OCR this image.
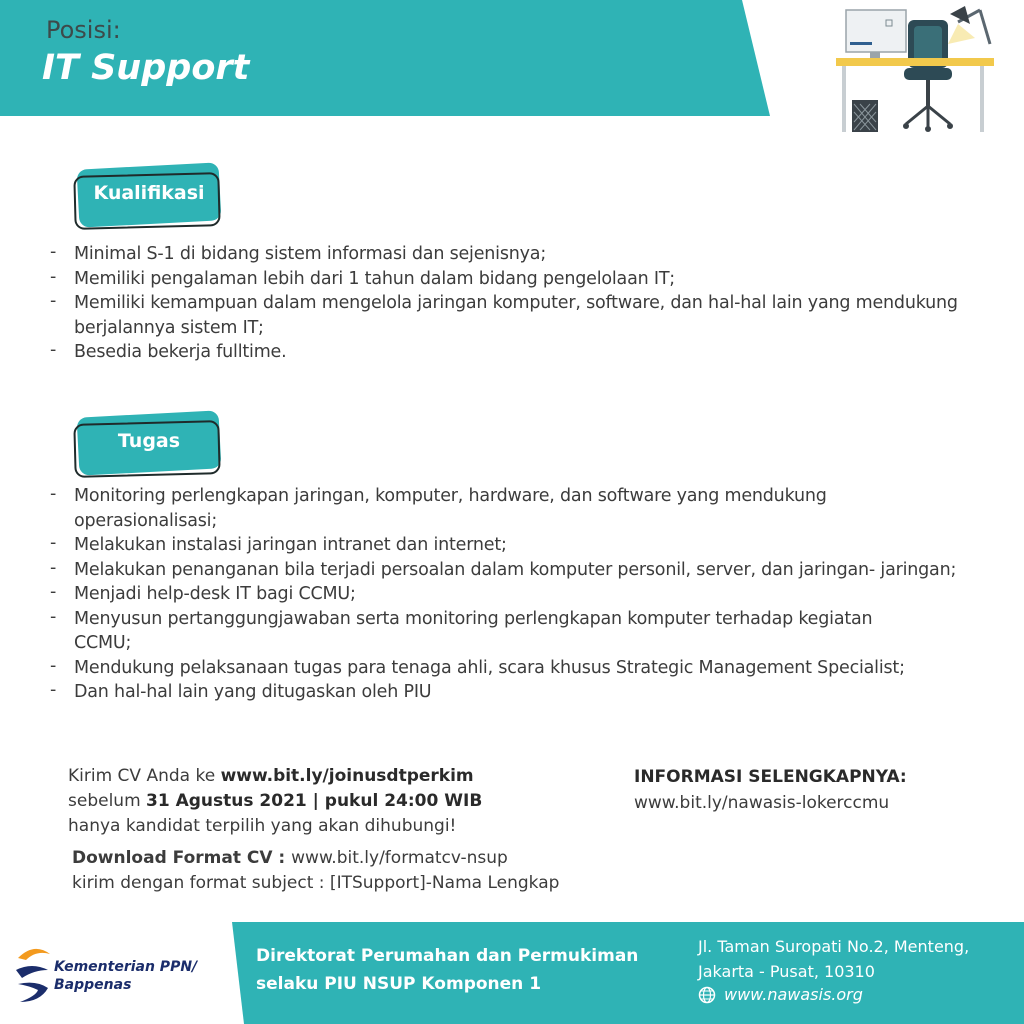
Posisi:
IT Support
Kualifikasi
- Minimal S-1 di bidang sistem informasi dan sejenisnya;
- Memiliki pengalaman lebih dari 1 tahun dalam bidang pengelolaan IT;
- Memiliki kemampuan dalam mengelola jaringan komputer, software, dan hal-hal lain yang mendukung berjalannya sistem IT;
- Besedia bekerja fulltime.
Tugas
- Monitoring perlengkapan jaringan, komputer, hardware, dan software yang mendukung operasionalisasi;
- Melakukan instalasi jaringan intranet dan internet;
- Melakukan penanganan bila terjadi persoalan dalam komputer personil, server, dan jaringan- jaringan;
- Menjadi help-desk IT bagi CCMU;
- Menyusun pertanggungjawaban serta monitoring perlengkapan komputer terhadap kegiatan CCMU;
- Mendukung pelaksanaan tugas para tenaga ahli, scara khusus Strategic Management Specialist;
- Dan hal-hal lain yang ditugaskan oleh PIU
Kirim CV Anda ke www.bit.ly/joinusdtperkim
sebelum 31 Agustus 2021 | pukul 24:00 WIB
hanya kandidat terpilih yang akan dihubungi!
Download Format CV : www.bit.ly/formatcv-nsup
kirim dengan format subject : [ITSupport]-Nama Lengkap
INFORMASI SELENGKAPNYA:
www.bit.ly/nawasis-lokerccmu
Kementerian PPN/
Bappenas
Direktorat Perumahan dan Permukiman
selaku PIU NSUP Komponen 1
Jl. Taman Suropati No.2, Menteng,
Jakarta - Pusat, 10310
www.nawasis.org
